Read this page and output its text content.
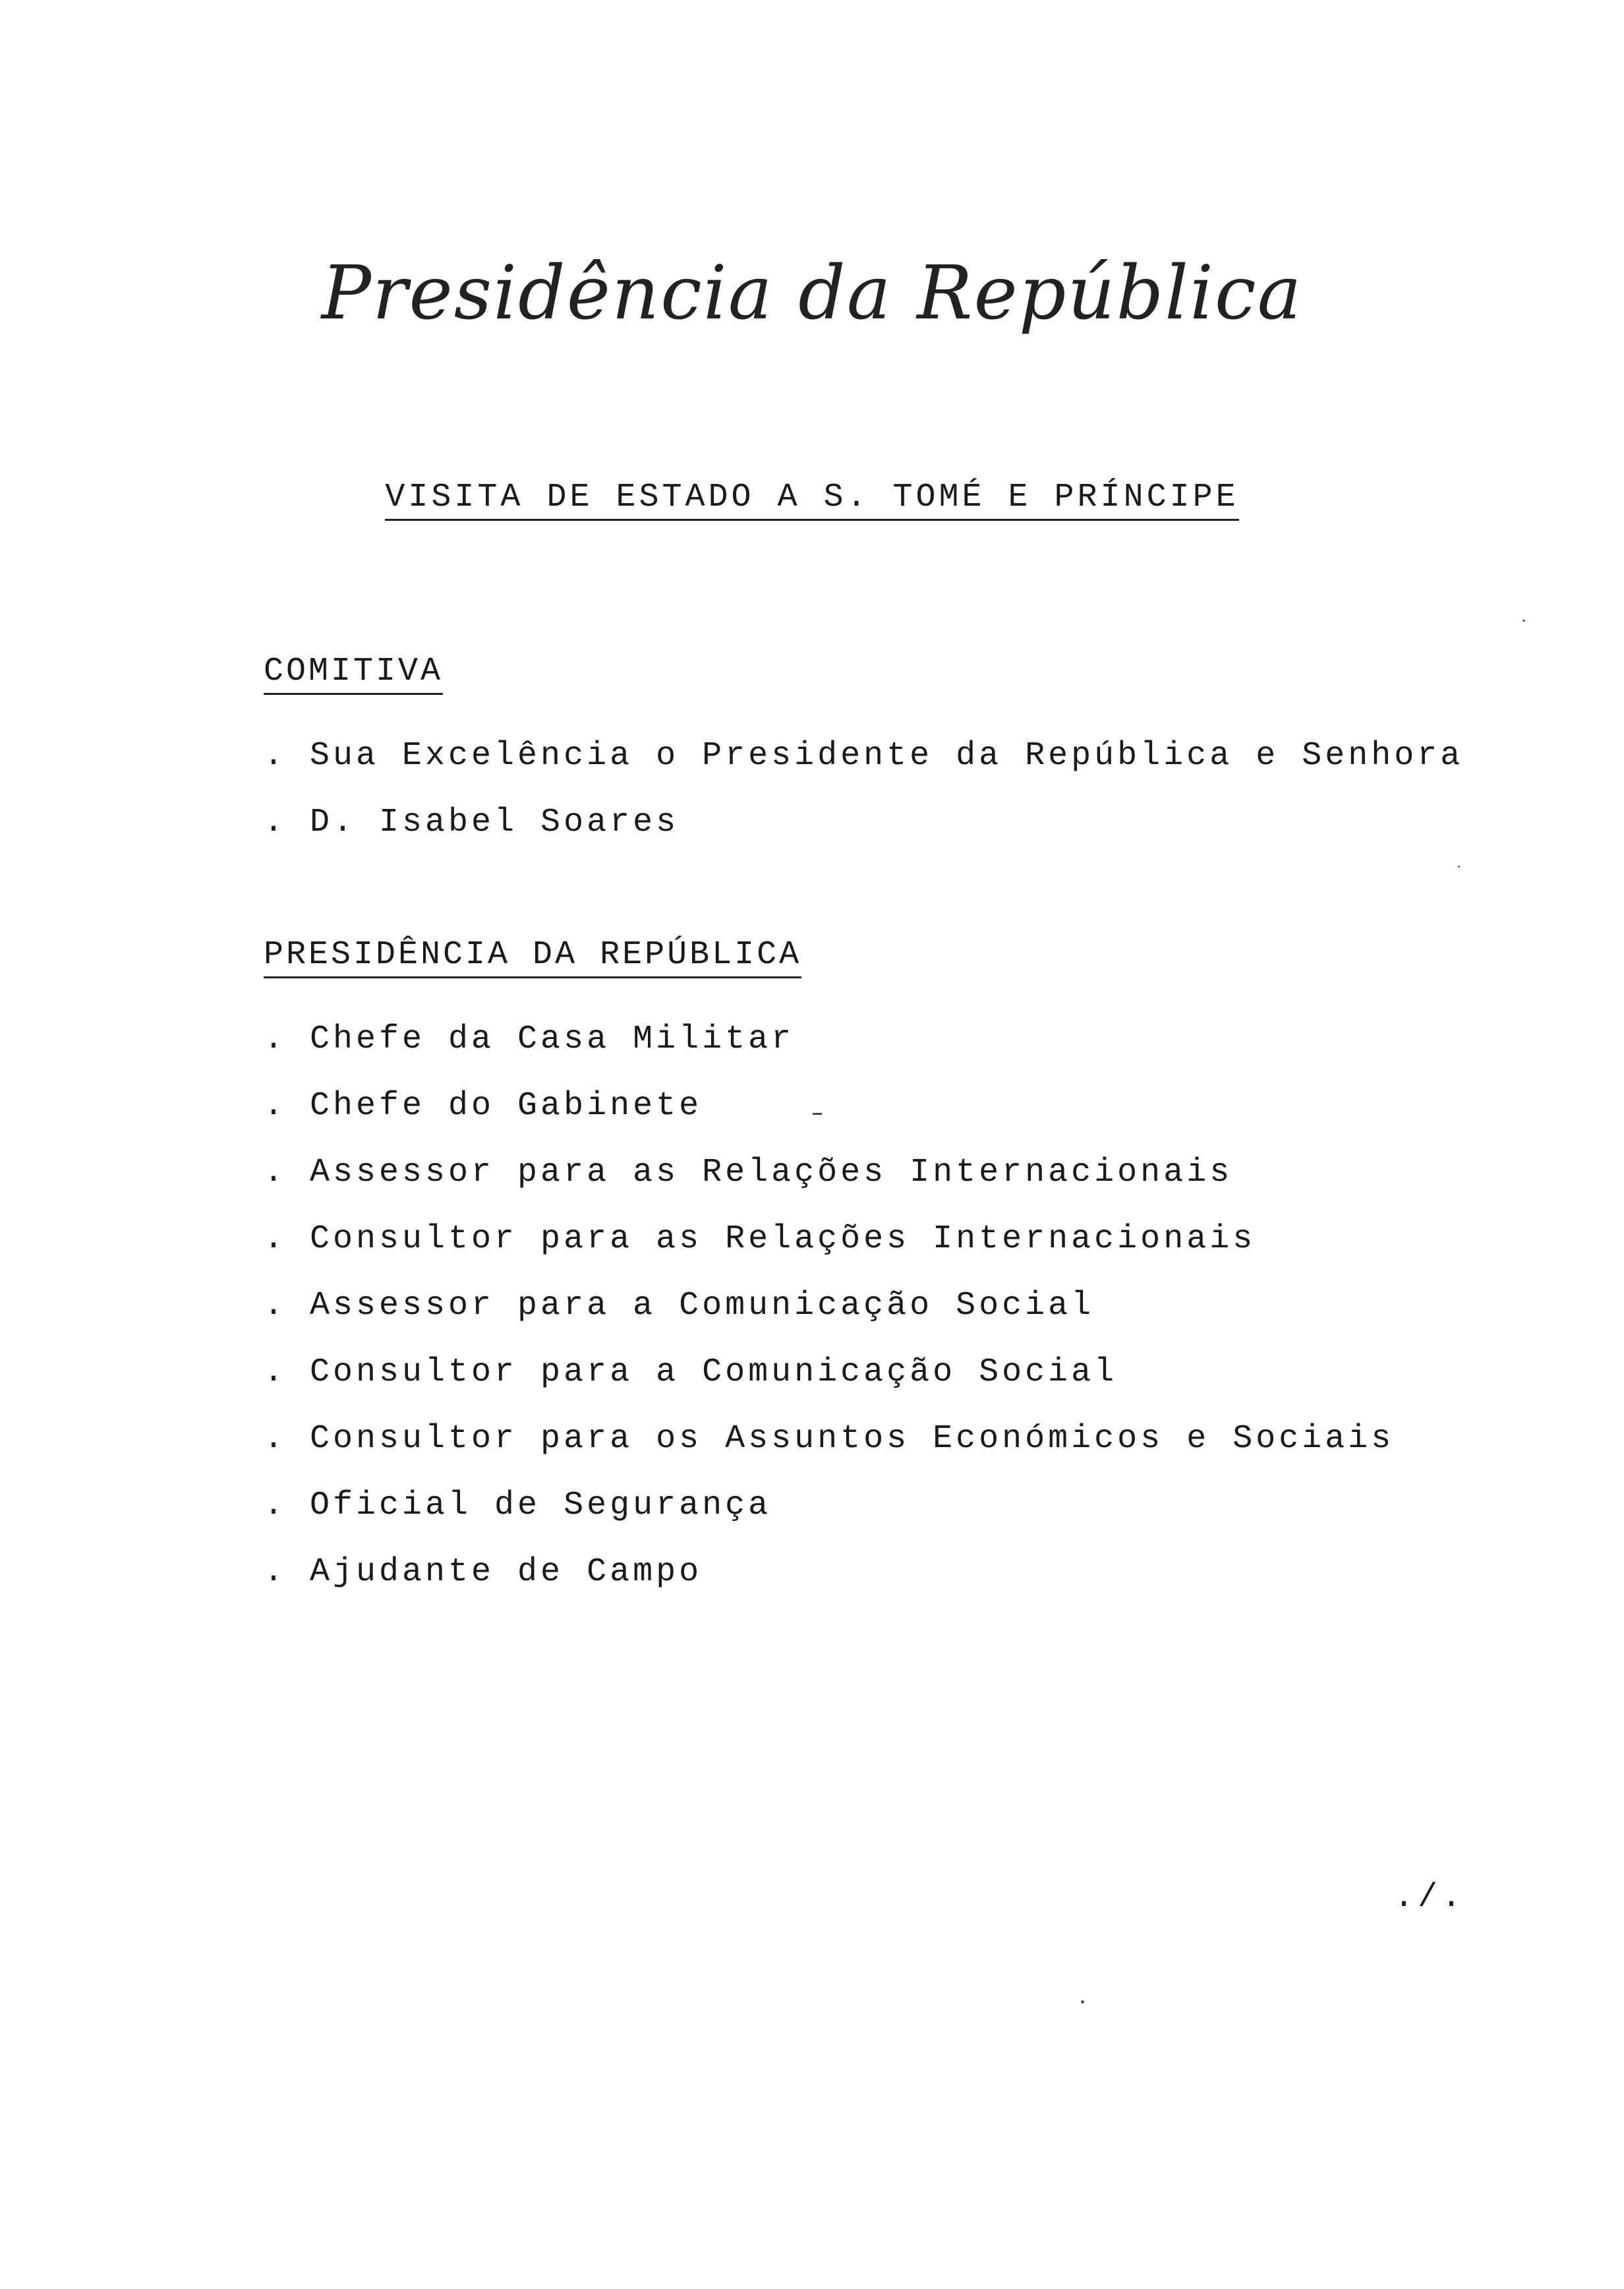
Presidência da República
VISITA DE ESTADO A S. TOMÉ E PRÍNCIPE
COMITIVA
. Sua Excelência o Presidente da República e Senhora
. D. Isabel Soares
PRESIDÊNCIA DA REPÚBLICA
. Chefe da Casa Militar
. Chefe do Gabinete
. Assessor para as Relações Internacionais
. Consultor para as Relações Internacionais
. Assessor para a Comunicação Social
. Consultor para a Comunicação Social
. Consultor para os Assuntos Económicos e Sociais
. Oficial de Segurança
. Ajudante de Campo
./.
